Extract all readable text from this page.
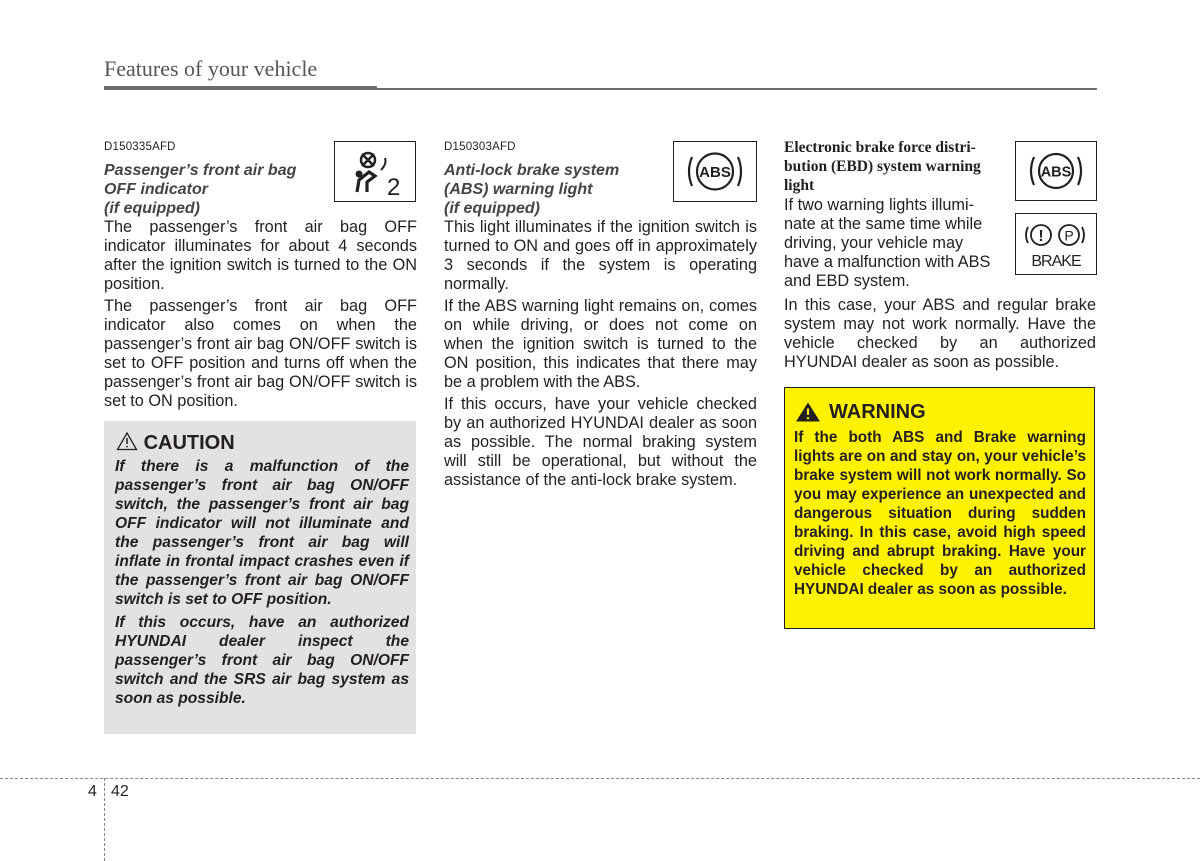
Features of your vehicle
D150335AFD
Passenger’s front air bag
OFF indicator
(if equipped)

The passenger’s front air bag OFF indicator illuminates for about 4 seconds after the ignition switch is turned to the ON position.

The passenger’s front air bag OFF indicator also comes on when the passenger’s front air bag ON/OFF switch is set to OFF position and turns off when the passenger’s front air bag ON/OFF switch is set to ON position.

2
CAUTION

If there is a malfunction of the passenger’s front air bag ON/OFF switch, the passenger’s front air bag OFF indicator will not illuminate and the passenger’s front air bag will inflate in frontal impact crashes even if the passenger’s front air bag ON/OFF switch is set to OFF position.

If this occurs, have an authorized HYUNDAI dealer inspect the passenger’s front air bag ON/OFF switch and the SRS air bag system as soon as possible.

D150303AFD
Anti-lock brake system
(ABS) warning light
(if equipped)

This light illuminates if the ignition switch is turned to ON and goes off in approximately 3 seconds if the system is operating normally.

If the ABS warning light remains on, comes on while driving, or does not come on when the ignition switch is turned to the ON position, this indicates that there may be a problem with the ABS.

If this occurs, have your vehicle checked by an authorized HYUNDAI dealer as soon as possible. The normal braking system will still be operational, but without the assistance of the anti-lock brake system.

ABS
Electronic brake force distri-
bution (EBD) system warning
light
If two warning lights illumi-
nate at the same time while
driving, your vehicle may
have a malfunction with ABS
and EBD system.

In this case, your ABS and regular brake system may not work normally. Have the vehicle checked by an authorized HYUNDAI dealer as soon as possible.

ABS
! P
BRAKE
WARNING
If the both ABS and Brake warning lights are on and stay on, your vehicle’s brake system will not work normally. So you may experience an unexpected and dangerous situation during sudden braking. In this case, avoid high speed driving and abrupt braking. Have your vehicle checked by an authorized HYUNDAI dealer as soon as possible.
4 42
